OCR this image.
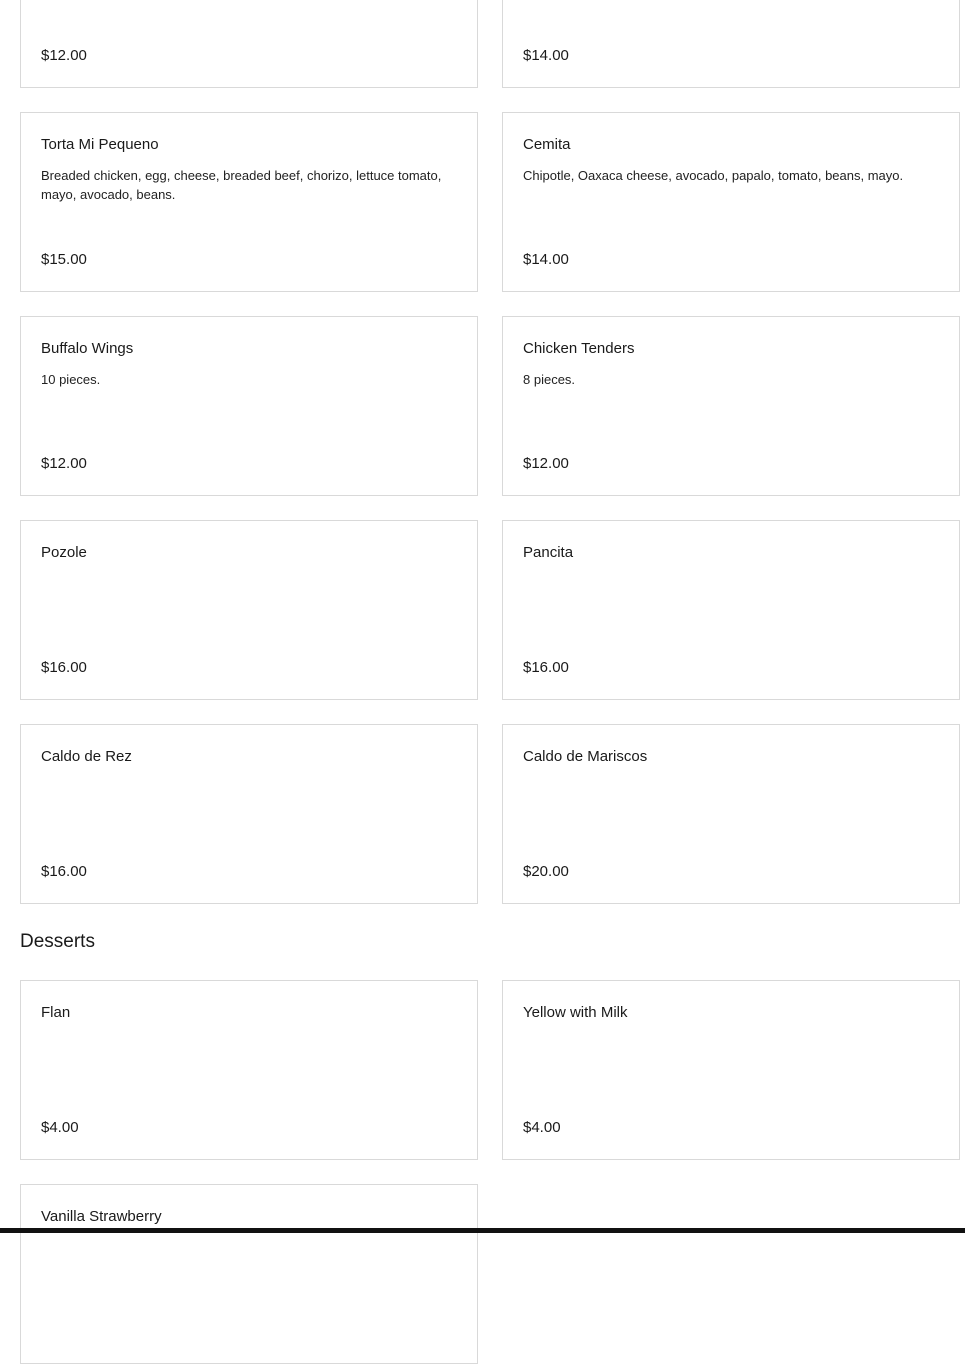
$12.00	$14.00
Torta Mi Pequeno
Breaded chicken, egg, cheese, breaded beef, chorizo, lettuce tomato, mayo, avocado, beans.
$15.00
Cemita
Chipotle, Oaxaca cheese, avocado, papalo, tomato, beans, mayo.
$14.00
Buffalo Wings
10 pieces.
$12.00
Chicken Tenders
8 pieces.
$12.00
Pozole
$16.00
Pancita
$16.00
Caldo de Rez
$16.00
Caldo de Mariscos
$20.00
Desserts
Flan
$4.00
Yellow with Milk
$4.00
Vanilla Strawberry
